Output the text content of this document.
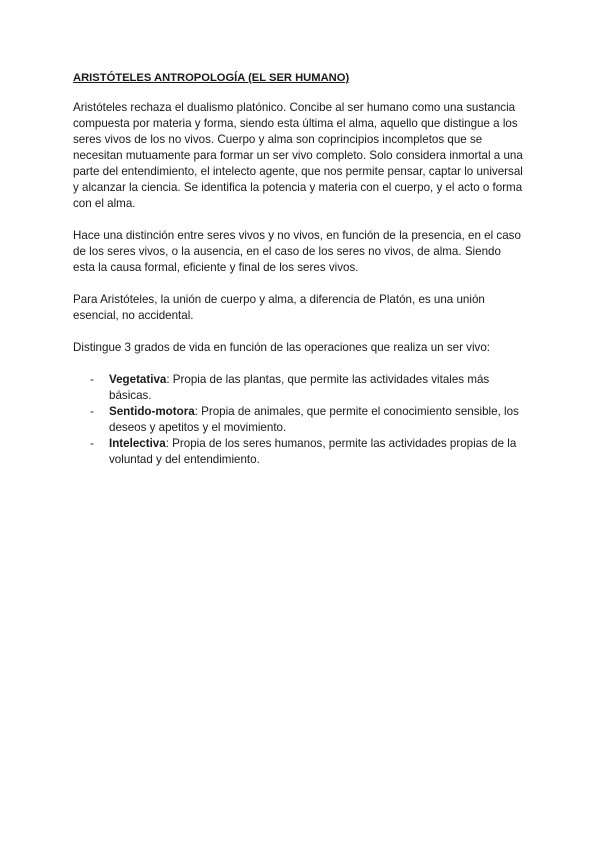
ARISTÓTELES ANTROPOLOGÍA (EL SER HUMANO)

Aristóteles rechaza el dualismo platónico. Concibe al ser humano como una sustancia compuesta por materia y forma, siendo esta última el alma, aquello que distingue a los seres vivos de los no vivos. Cuerpo y alma son coprincipios incompletos que se necesitan mutuamente para formar un ser vivo completo. Solo considera inmortal a una parte del entendimiento, el intelecto agente, que nos permite pensar, captar lo universal y alcanzar la ciencia. Se identifica la potencia y materia con el cuerpo, y el acto o forma con el alma.

Hace una distinción entre seres vivos y no vivos, en función de la presencia, en el caso de los seres vivos, o la ausencia, en el caso de los seres no vivos, de alma. Siendo esta la causa formal, eficiente y final de los seres vivos.

Para Aristóteles, la unión de cuerpo y alma, a diferencia de Platón, es una unión esencial, no accidental.

Distingue 3 grados de vida en función de las operaciones que realiza un ser vivo:

- Vegetativa: Propia de las plantas, que permite las actividades vitales más básicas.
- Sentido-motora: Propia de animales, que permite el conocimiento sensible, los deseos y apetitos y el movimiento.
- Intelectiva: Propia de los seres humanos, permite las actividades propias de la voluntad y del entendimiento.
